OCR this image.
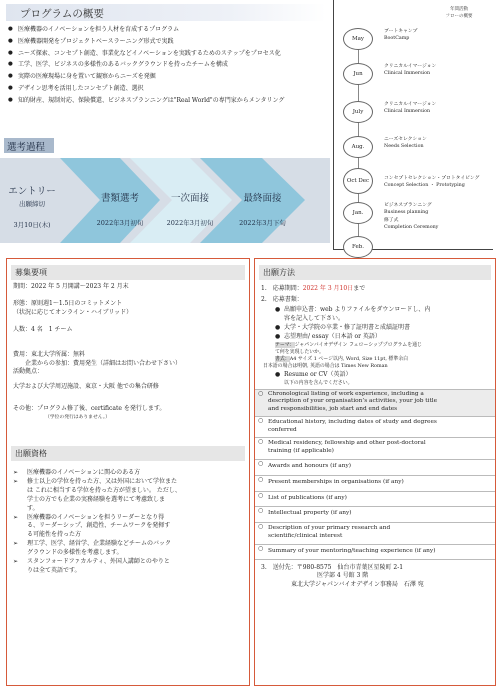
プログラムの概要
● 医療機器のイノベーションを担う人材を育成するプログラム
● 医療機器開発をプロジェクトベースラーニング形式で実践
● ニーズ探索、コンセプト創造、事業化などイノベーションを実践するためのステップをプロセス化
● 工学、医学、ビジネスの多様性のあるバックグラウンドを持ったチームを構成
● 実際の医療現場に身を置いて観察からニーズを発掘
● デザイン思考を活用したコンセプト創造、選択
● 知的財産、規制対応、保険償還、ビジネスプランニングは"Real World"の専門家からメンタリング
年間活動
フローの概要
May
ブートキャンプ
BootCamp
Jun
クリニカルイマージョン
Clinical Immersion
July
クリニカルイマージョン
Clinical Immersion
Aug.
ニーズセレクション
Needs Selection
Oct Dec	コンセプトセレクション・プロトタイピング
Concept Selection ・ Prototyping
Jan.
ビジネスプランニング
Business planning
Feb.
修了式
Completion Ceremony
選考過程
エントリー
出願締切
3月10日(木)
書類選考
2022年3月初旬
一次面接
2022年3月初旬
最終面接
2022年3月下旬
募集要項
期間：2022 年 5 月開講～2023 年 2 月末
形態：原則週1～1.5日のコミットメント
（状況に応じてオンライン・ハイブリッド）
人数：4 名　1 チーム
費用：東北大学所属：無料
　　企業からの参加：費用発生（詳細はお問い合わせ下さい）
活動拠点：
大学および大学周辺施設、東京・大阪 他での集合研修
その他：プログラム修了後、certificate を発行します。
（学位の発行はありません。）
出願資格
➢ 医療機器のイノベーションに関心のある方
➢ 修士以上の学位を持った方、又は外国において学位また
は これに相当する学位を持った方が望ましい。 ただし、
学士の方でも企業の実務経験を選考にて考慮致しま
す。
➢ 医療機器のイノベーションを担うリーダーとなり得
る、リーダーシップ、創造性、チームワークを発揮す
る可能性を持った方
➢ 理工学、医学、経営学、企業経験などチームのバック
グラウンドの多様性を考慮します。
➢ スタンフォードファカルティ、外国人講師とのやりと
りは全て英語です。
出願方法
1.　応募期間：2022 年 3 月10日まで
2.　応募書類：
● 出願申込書：web よりファイルをダウンロードし、内
容を記入して下さい。
● 大学・大学院の卒業・修了証明書と成績証明書
● 志望理由/ essay（日本語 or 英語）
テーマ：ジャパンバイオデザイン フェローシッププログラムを通じ
て何を実現したいか。
書式：A4 サイズ 1 ページ以内, Word, Size 11pt, 標準余白
日本語の場合は明朝, 英語の場合は Times New Roman
● Resume or CV（英語）
以下の内容を含んでください。
○ Chronological listing of work experience, including a
description of your organisation’s activities, your job title
and responsibilities, job start and end dates
○ Educational history, including dates of study and degrees
conferred
○ Medical residency, fellowship and other post-doctoral
training (if applicable)
○ Awards and honours (if any)
○ Present memberships in organisations (if any)
○ List of publications (if any)
○ Intellectual property (if any)
○ Description of your primary research and
scientific/clinical interest
○ Summary of your mentoring/teaching experience (if any)
3.　送付先：〒980-8575　仙台市青葉区星陵町 2-1
医学部 4 号館 3 階
東北大学ジャパンバイオデザイン事務局　石澤 宛
